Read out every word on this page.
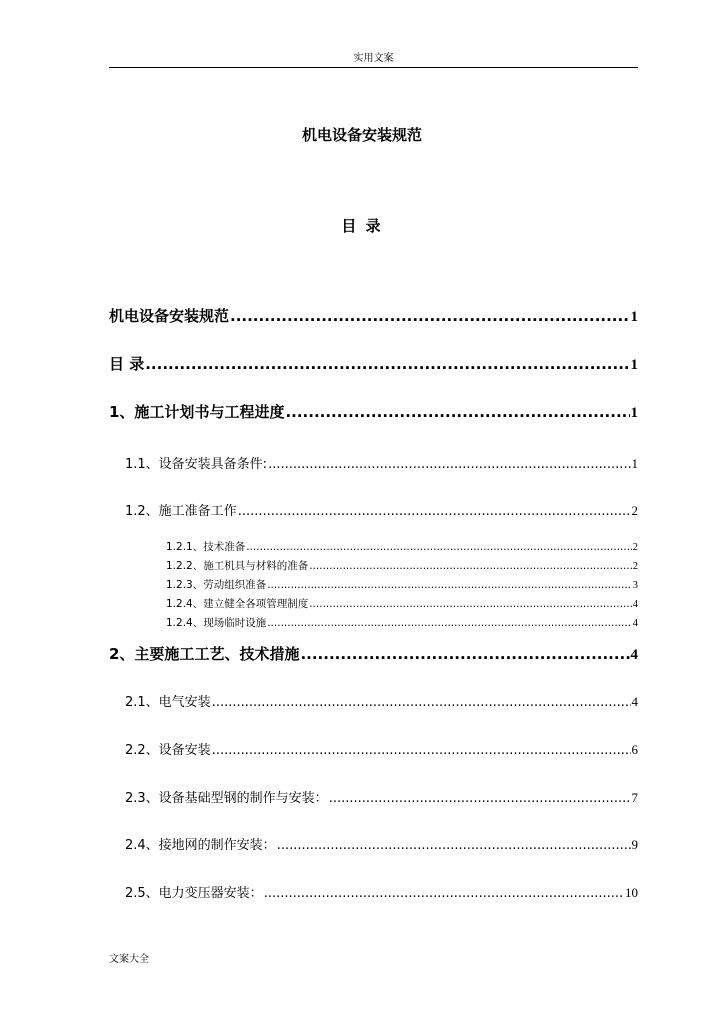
实用文案
机电设备安装规范
目 录
机电设备安装规范 .....	1
目 录 .....	1
1、施工计划书与工程进度 .....	1
1.1、设备安装具备条件: .....	1
1.2、施工准备工作 .....	2
1.2.1、技术准备 .....	2
1.2.2、施工机具与材料的准备 .....	2
1.2.3、劳动组织准备 .....	3
1.2.4、建立健全各项管理制度 .....	4
1.2.4、现场临时设施 .....	4
2、主要施工工艺、技术措施 .....	4
2.1、电气安装 .....	4
2.2、设备安装 .....	6
2.3、设备基础型钢的制作与安装： .....	7
2.4、接地网的制作安装： .....	9
2.5、电力变压器安装： .....	10
文案大全
